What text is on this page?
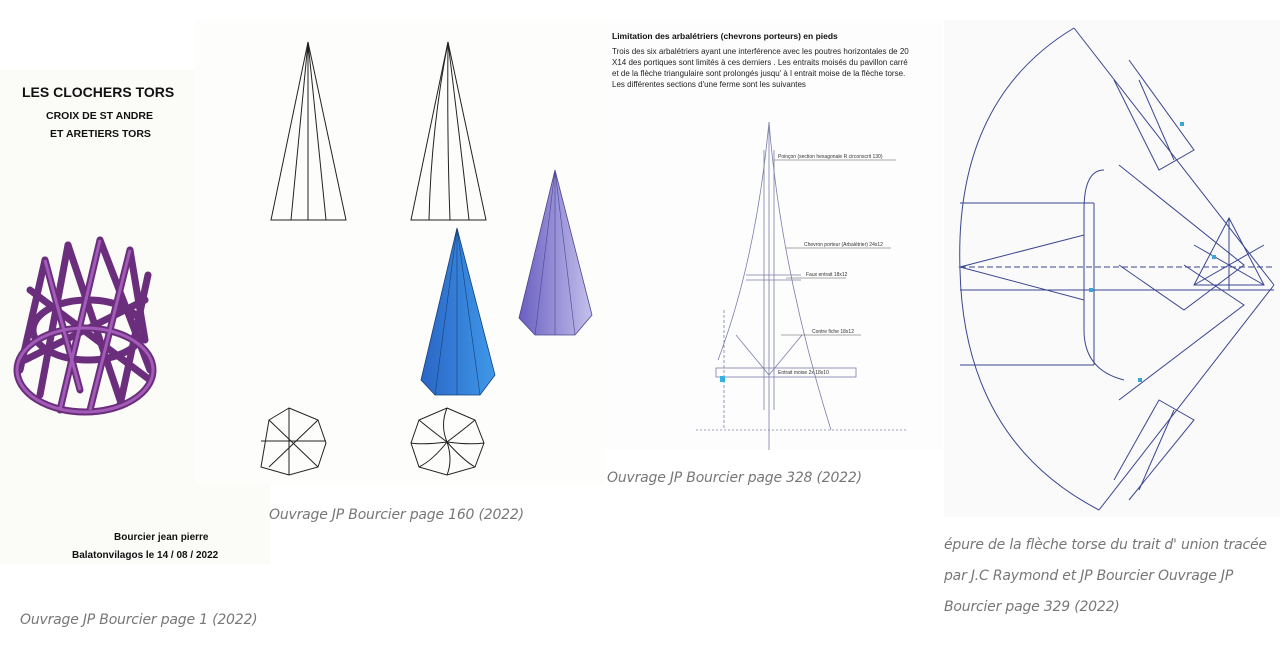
LES CLOCHERS TORS
CROIX DE ST ANDRE
ET ARETIERS TORS
Bourcier jean pierre
Balatonvilagos le 14 / 08 / 2022
Ouvrage JP Bourcier page 1 (2022)
Ouvrage JP Bourcier page 160 (2022)
Limitation des arbalétriers (chevrons porteurs) en pieds
Trois des six arbalétriers ayant une interférence avec les poutres horizontales de 20
X14 des portiques sont limités à ces derniers . Les entraits moisés du pavillon carré
et de la flèche triangulaire sont prolongés jusqu' à l entrait moise de la flèche torse.
Les différentes sections d'une ferme sont les suivantes
Poinçon (section hexagonale R circonscrit 130)
Chevron porteur (Arbalétrier) 24x12
Faux entrait 18x12
Contre fiche 18x12
Entrait moise 2x 18x10
Ouvrage JP Bourcier page 328 (2022)
épure de la flèche torse du trait d' union tracée
par J.C Raymond et JP Bourcier Ouvrage JP
Bourcier page 329 (2022)
